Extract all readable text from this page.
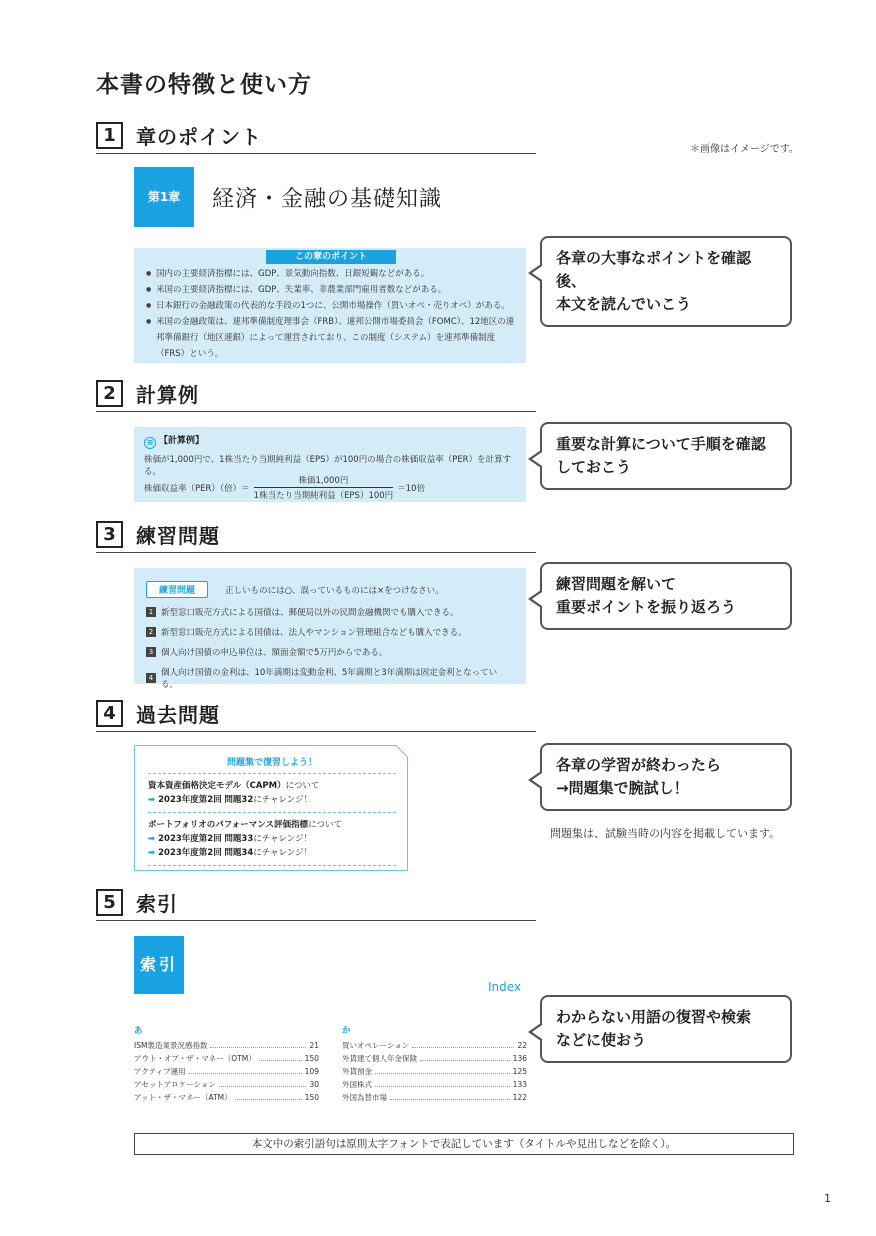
本書の特徴と使い方
＊画像はイメージです。
1	章のポイント
第1章	経済・金融の基礎知識
この章のポイント
● 国内の主要経済指標には、GDP、景気動向指数、日銀短観などがある。
● 米国の主要経済指標には、GDP、失業率、非農業部門雇用者数などがある。
● 日本銀行の金融政策の代表的な手段の1つに、公開市場操作（買いオペ・売りオペ）がある。
● 米国の金融政策は、連邦準備制度理事会（FRB）、連邦公開市場委員会（FOMC）、12地区の連邦準備銀行（地区連銀）によって運営されており、この制度（システム）を連邦準備制度（FRS）という。
各章の大事なポイントを確認後、
本文を読んでいこう
2	計算例
≡ 【計算例】
株価が1,000円で、1株当たり当期純利益（EPS）が100円の場合の株価収益率（PER）を計算する。
株価収益率（PER）（倍）＝ $\frac{\text{株価1,000円}}{\text{1株当たり当期純利益（EPS）100円}} =10$倍
重要な計算について手順を確認
しておこう
3	練習問題
練習問題	正しいものには○、誤っているものには×をつけなさい。
1 新型窓口販売方式による国債は、郵便局以外の民間金融機関でも購入できる。
2 新型窓口販売方式による国債は、法人やマンション管理組合なども購入できる。
3 個人向け国債の申込単位は、額面金額で5万円からである。
4 個人向け国債の金利は、10年満期は変動金利、5年満期と3年満期は固定金利となっている。
練習問題を解いて
重要ポイントを振り返ろう
4	過去問題
問題集で復習しよう！
資本資産価格決定モデル（CAPM）について
➡ 2023年度第2回 問題32にチャレンジ！
ポートフォリオのパフォーマンス評価指標について
➡ 2023年度第2回 問題33にチャレンジ！
➡ 2023年度第2回 問題34にチャレンジ！
各章の学習が終わったら
→問題集で腕試し！
問題集は、試験当時の内容を掲載しています。
5	索引
索引
Index
あ
ISM製造業景況感指数	21
アウト・オブ・ザ・マネー（OTM）	150
アクティブ運用	109
アセットアロケーション	30
アット・ザ・マネー（ATM）	150
か
買いオペレーション	22
外貨建て個人年金保険	136
外貨預金	125
外国株式	133
外国為替市場	122
わからない用語の復習や検索
などに使おう
本文中の索引語句は原則太字フォントで表記しています（タイトルや見出しなどを除く）。
1
